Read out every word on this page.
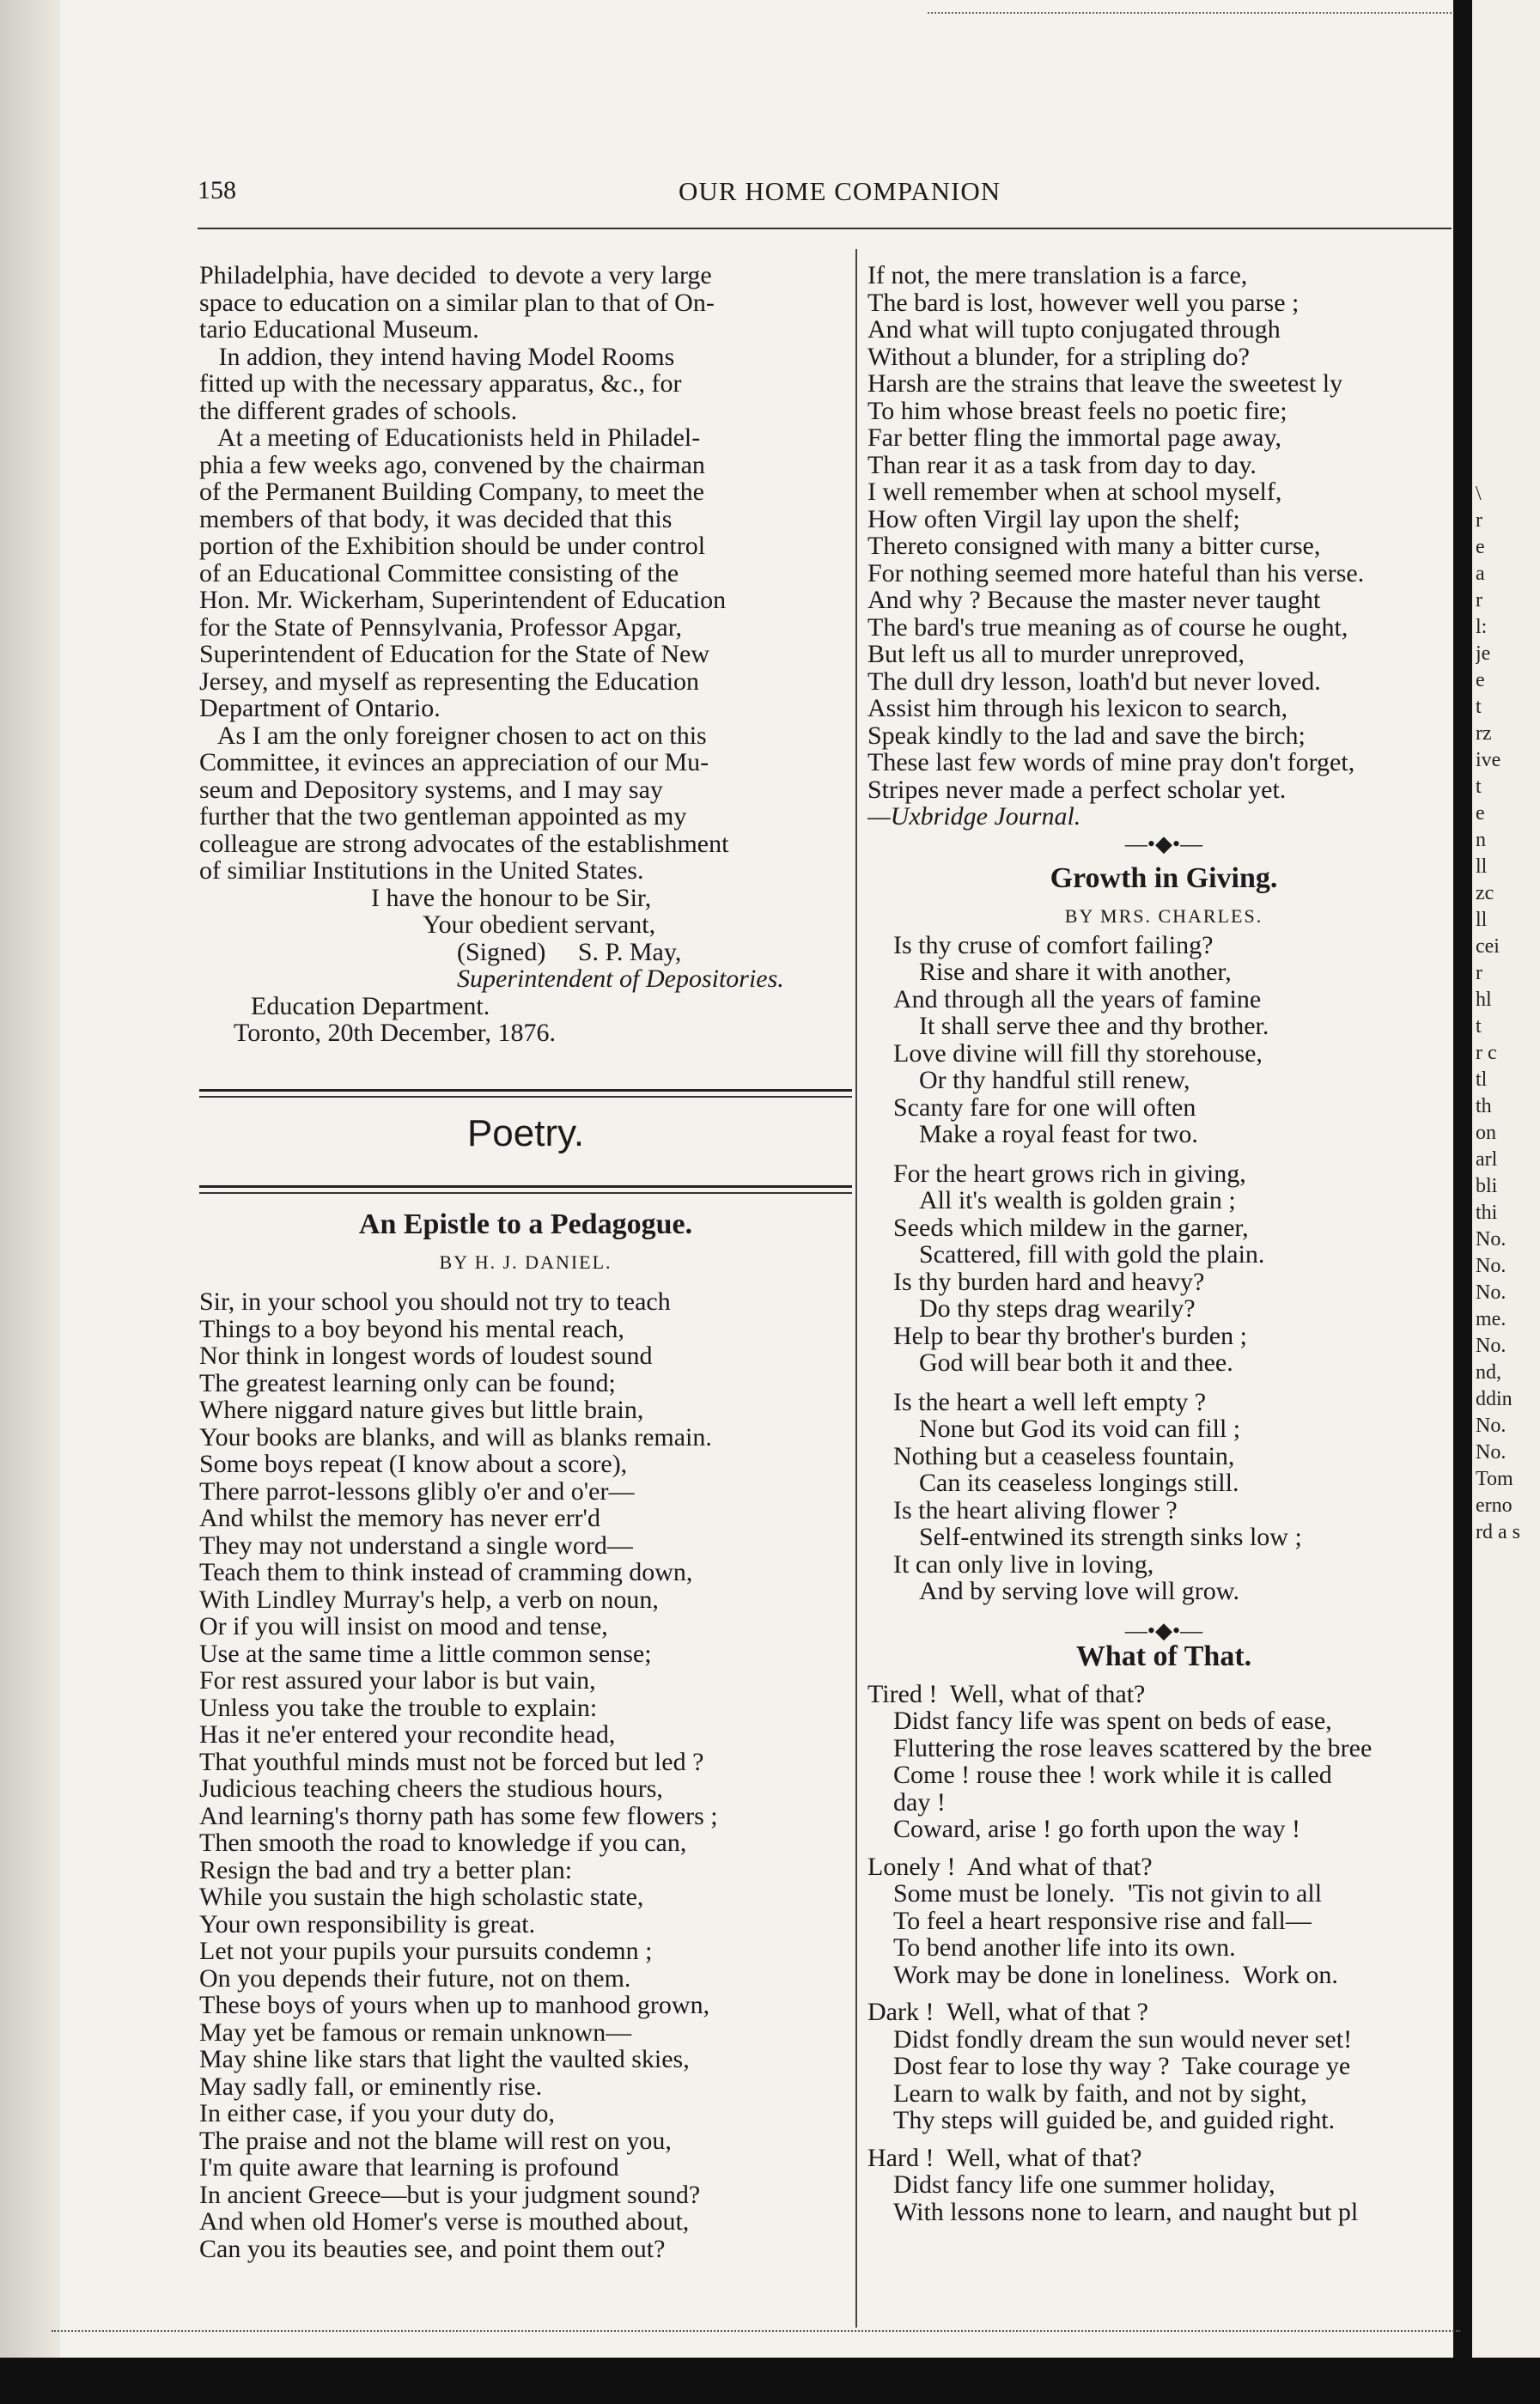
158	OUR HOME COMPANION
Philadelphia, have decided  to devote a very large
space to education on a similar plan to that of On-
tario Educational Museum.
In addion, they intend having Model Rooms
fitted up with the necessary apparatus, &c., for
the different grades of schools.
At a meeting of Educationists held in Philadel-
phia a few weeks ago, convened by the chairman
of the Permanent Building Company, to meet the
members of that body, it was decided that this
portion of the Exhibition should be under control
of an Educational Committee consisting of the
Hon. Mr. Wickerham, Superintendent of Education
for the State of Pennsylvania, Professor Apgar,
Superintendent of Education for the State of New
Jersey, and myself as representing the Education
Department of Ontario.
As I am the only foreigner chosen to act on this
Committee, it evinces an appreciation of our Mu-
seum and Depository systems, and I may say
further that the two gentleman appointed as my
colleague are strong advocates of the establishment
of similiar Institutions in the United States.
I have the honour to be Sir,
Your obedient servant,
(Signed)     S. P. May,
Superintendent of Depositories.
Education Department.
Toronto, 20th December, 1876.
Poetry.
An Epistle to a Pedagogue.
BY H. J. DANIEL.
Sir, in your school you should not try to teach
Things to a boy beyond his mental reach,
Nor think in longest words of loudest sound
The greatest learning only can be found;
Where niggard nature gives but little brain,
Your books are blanks, and will as blanks remain.
Some boys repeat (I know about a score),
There parrot-lessons glibly o'er and o'er—
And whilst the memory has never err'd
They may not understand a single word—
Teach them to think instead of cramming down,
With Lindley Murray's help, a verb on noun,
Or if you will insist on mood and tense,
Use at the same time a little common sense;
For rest assured your labor is but vain,
Unless you take the trouble to explain:
Has it ne'er entered your recondite head,
That youthful minds must not be forced but led ?
Judicious teaching cheers the studious hours,
And learning's thorny path has some few flowers ;
Then smooth the road to knowledge if you can,
Resign the bad and try a better plan:
While you sustain the high scholastic state,
Your own responsibility is great.
Let not your pupils your pursuits condemn ;
On you depends their future, not on them.
These boys of yours when up to manhood grown,
May yet be famous or remain unknown—
May shine like stars that light the vaulted skies,
May sadly fall, or eminently rise.
In either case, if you your duty do,
The praise and not the blame will rest on you,
I'm quite aware that learning is profound
In ancient Greece—but is your judgment sound?
And when old Homer's verse is mouthed about,
Can you its beauties see, and point them out?
If not, the mere translation is a farce,
The bard is lost, however well you parse ;
And what will tupto conjugated through
Without a blunder, for a stripling do?
Harsh are the strains that leave the sweetest ly
To him whose breast feels no poetic fire;
Far better fling the immortal page away,
Than rear it as a task from day to day.
I well remember when at school myself,
How often Virgil lay upon the shelf;
Thereto consigned with many a bitter curse,
For nothing seemed more hateful than his verse.
And why ? Because the master never taught
The bard's true meaning as of course he ought,
But left us all to murder unreproved,
The dull dry lesson, loath'd but never loved.
Assist him through his lexicon to search,
Speak kindly to the lad and save the birch;
These last few words of mine pray don't forget,
Stripes never made a perfect scholar yet.
—Uxbridge Journal.
—•◆•—
Growth in Giving.
BY MRS. CHARLES.
Is thy cruse of comfort failing?
Rise and share it with another,
And through all the years of famine
It shall serve thee and thy brother.
Love divine will fill thy storehouse,
Or thy handful still renew,
Scanty fare for one will often
Make a royal feast for two.
For the heart grows rich in giving,
All it's wealth is golden grain ;
Seeds which mildew in the garner,
Scattered, fill with gold the plain.
Is thy burden hard and heavy?
Do thy steps drag wearily?
Help to bear thy brother's burden ;
God will bear both it and thee.
Is the heart a well left empty ?
None but God its void can fill ;
Nothing but a ceaseless fountain,
Can its ceaseless longings still.
Is the heart aliving flower ?
Self-entwined its strength sinks low ;
It can only live in loving,
And by serving love will grow.
—•◆•—
What of That.
Tired !  Well, what of that?
Didst fancy life was spent on beds of ease,
Fluttering the rose leaves scattered by the bree
Come ! rouse thee ! work while it is called
day !
Coward, arise ! go forth upon the way !
Lonely !  And what of that?
Some must be lonely.  'Tis not givin to all
To feel a heart responsive rise and fall—
To bend another life into its own.
Work may be done in loneliness.  Work on.
Dark !  Well, what of that ?
Didst fondly dream the sun would never set!
Dost fear to lose thy way ?  Take courage ye
Learn to walk by faith, and not by sight,
Thy steps will guided be, and guided right.
Hard !  Well, what of that?
Didst fancy life one summer holiday,
With lessons none to learn, and naught but pl
\
r
e
a
r
l:
je
e
t
rz
ive
t
e
n
ll
zc
ll
cei
r
hl
t
r c
tl
th
on
arl
bli
thi
No.
No.
No.
me.
No.
nd,
ddin
No.
No.
Tom
erno
rd a s
